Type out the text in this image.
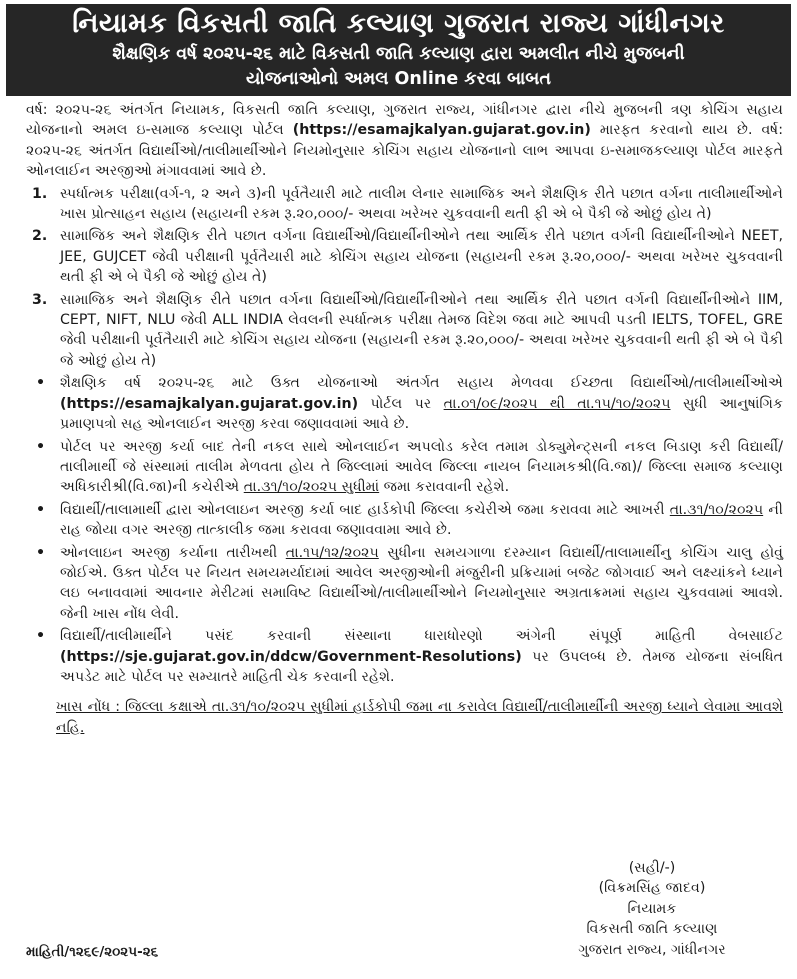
નિયામક વિકસતી જાતિ કલ્યાણ ગુજરાત રાજ્ય ગાંધીનગર
શૈક્ષણિક વર્ષ ૨૦૨૫-૨૬ માટે વિકસતી જાતિ કલ્યાણ દ્વારા અમલીત નીચે મુજબની
યોજનાઓનો અમલ Online કરવા બાબત

વર્ષ: ૨૦૨૫-૨૬ અંતર્ગત નિયામક, વિકસતી જાતિ કલ્યાણ, ગુજરાત રાજ્ય, ગાંધીનગર દ્વારા નીચે મુજબની ત્રણ કોચિંગ સહાય યોજનાનો અમલ ઇ-સમાજ કલ્યાણ પોર્ટલ (https://esamajkalyan.gujarat.gov.in) મારફત કરવાનો થાય છે. વર્ષ: ૨૦૨૫-૨૬ અંતર્ગત વિદ્યાર્થીઓ/તાલીમાર્થીઓને નિયમોનુસાર કોચિંગ સહાય યોજનાનો લાભ આપવા ઇ-સમાજકલ્યાણ પોર્ટલ મારફતે ઓનલાઈન અરજીઓ મંગાવવામાં આવે છે.

1. સ્પર્ધાત્મક પરીક્ષા(વર્ગ-૧, ૨ અને ૩)ની પૂર્વતૈયારી માટે તાલીમ લેનાર સામાજિક અને શૈક્ષણિક રીતે પછાત વર્ગના તાલીમાર્થીઓને ખાસ પ્રોત્સાહન સહાય (સહાયની રકમ રૂ.૨૦,૦૦૦/- અથવા ખરેખર ચુકવવાની થતી ફી એ બે પૈકી જે ઓછું હોય તે)
2. સામાજિક અને શૈક્ષણિક રીતે પછાત વર્ગના વિદ્યાર્થીઓ/વિદ્યાર્થીનીઓને તથા આર્થિક રીતે પછાત વર્ગની વિદ્યાર્થીનીઓને NEET, JEE, GUJCET જેવી પરીક્ષાની પૂર્વતૈયારી માટે કોચિંગ સહાય યોજના (સહાયની રકમ રૂ.૨૦,૦૦૦/- અથવા ખરેખર ચુકવવાની થતી ફી એ બે પૈકી જે ઓછું હોય તે)
3. સામાજિક અને શૈક્ષણિક રીતે પછાત વર્ગના વિદ્યાર્થીઓ/વિદ્યાર્થીનીઓને તથા આર્થિક રીતે પછાત વર્ગની વિદ્યાર્થીનીઓને IIM, CEPT, NIFT, NLU જેવી ALL INDIA લેવલની સ્પર્ધાત્મક પરીક્ષા તેમજ વિદેશ જવા માટે આપવી પડતી IELTS, TOFEL, GRE જેવી પરીક્ષાની પૂર્વતૈયારી માટે કોચિંગ સહાય યોજના (સહાયની રકમ રૂ.૨૦,૦૦૦/- અથવા ખરેખર ચુકવવાની થતી ફી એ બે પૈકી જે ઓછું હોય તે)
• શૈક્ષણિક વર્ષ ૨૦૨૫-૨૬ માટે ઉક્ત યોજનાઓ અંતર્ગત સહાય મેળવવા ઈચ્છતા વિદ્યાર્થીઓ/તાલીમાર્થીઓએ (https://esamajkalyan.gujarat.gov.in) પોર્ટલ પર તા.૦૧/૦૯/૨૦૨૫ થી તા.૧૫/૧૦/૨૦૨૫ સુધી આનુષાંગિક પ્રમાણપત્રો સહ ઓનલાઈન અરજી કરવા જણાવવામાં આવે છે.
• પોર્ટલ પર અરજી કર્યા બાદ તેની નકલ સાથે ઓનલાઈન અપલોડ કરેલ તમામ ડોક્યુમેન્ટ્સની નકલ બિડાણ કરી વિદ્યાર્થી/તાલીમાર્થી જે સંસ્થામાં તાલીમ મેળવતા હોય તે જિલ્લામાં આવેલ જિલ્લા નાયબ નિયામકશ્રી(વિ.જા)/ જિલ્લા સમાજ કલ્યાણ અધિકારીશ્રી(વિ.જા)ની કચેરીએ તા.૩૧/૧૦/૨૦૨૫ સુધીમાં જમા કરાવવાની રહેશે.
• વિદ્યાર્થી/તાલામાર્થી દ્વારા ઓનલાઇન અરજી કર્યા બાદ હાર્ડકોપી જિલ્લા કચેરીએ જમા કરાવવા માટે આખરી તા.૩૧/૧૦/૨૦૨૫ ની રાહ જોયા વગર અરજી તાત્કાલીક જમા કરાવવા જણાવવામા આવે છે.
• ઓનલાઇન અરજી કર્યાના તારીખથી તા.૧૫/૧૨/૨૦૨૫ સુધીના સમયગાળા દરમ્યાન વિદ્યાર્થી/તાલામાર્થીનુ કોચિંગ ચાલુ હોવું જોઈએ. ઉક્ત પોર્ટલ પર નિયત સમયમર્યાદામાં આવેલ અરજીઓની મંજુરીની પ્રક્રિયામાં બજેટ જોગવાઈ અને લક્ષ્યાંકને ધ્યાને લઇ બનાવવામાં આવનાર મેરીટમાં સમાવિષ્ટ વિદ્યાર્થીઓ/તાલીમાર્થીઓને નિયમોનુસાર અગ્રતાક્રમમાં સહાય ચુકવવામાં આવશે. જેની ખાસ નોંધ લેવી.
• વિદ્યાર્થી/તાલીમાર્થીને પસંદ કરવાની સંસ્થાના ધારાધોરણો અંગેની સંપૂર્ણ માહિતી વેબસાઈટ (https://sje.gujarat.gov.in/ddcw/Government-Resolutions) પર ઉપલબ્ધ છે. તેમજ યોજના સંબધિત અપડેટ માટે પોર્ટલ પર સમ્યાતરે માહિતી ચેક કરવાની રહેશે.

ખાસ નોંધ : જિલ્લા કક્ષાએ તા.૩૧/૧૦/૨૦૨૫ સુધીમાં હાર્ડકોપી જમા ના કરાવેલ વિદ્યાર્થી/તાલીમાર્થીની અરજી ધ્યાને લેવામા આવશે નહિ.

(સહી/-)
(વિક્રમસિંહ જાદવ)
નિયામક
વિકસતી જાતિ કલ્યાણ
ગુજરાત રાજ્ય, ગાંધીનગર
માહિતી/૧૨૬૯/૨૦૨૫-૨૬
